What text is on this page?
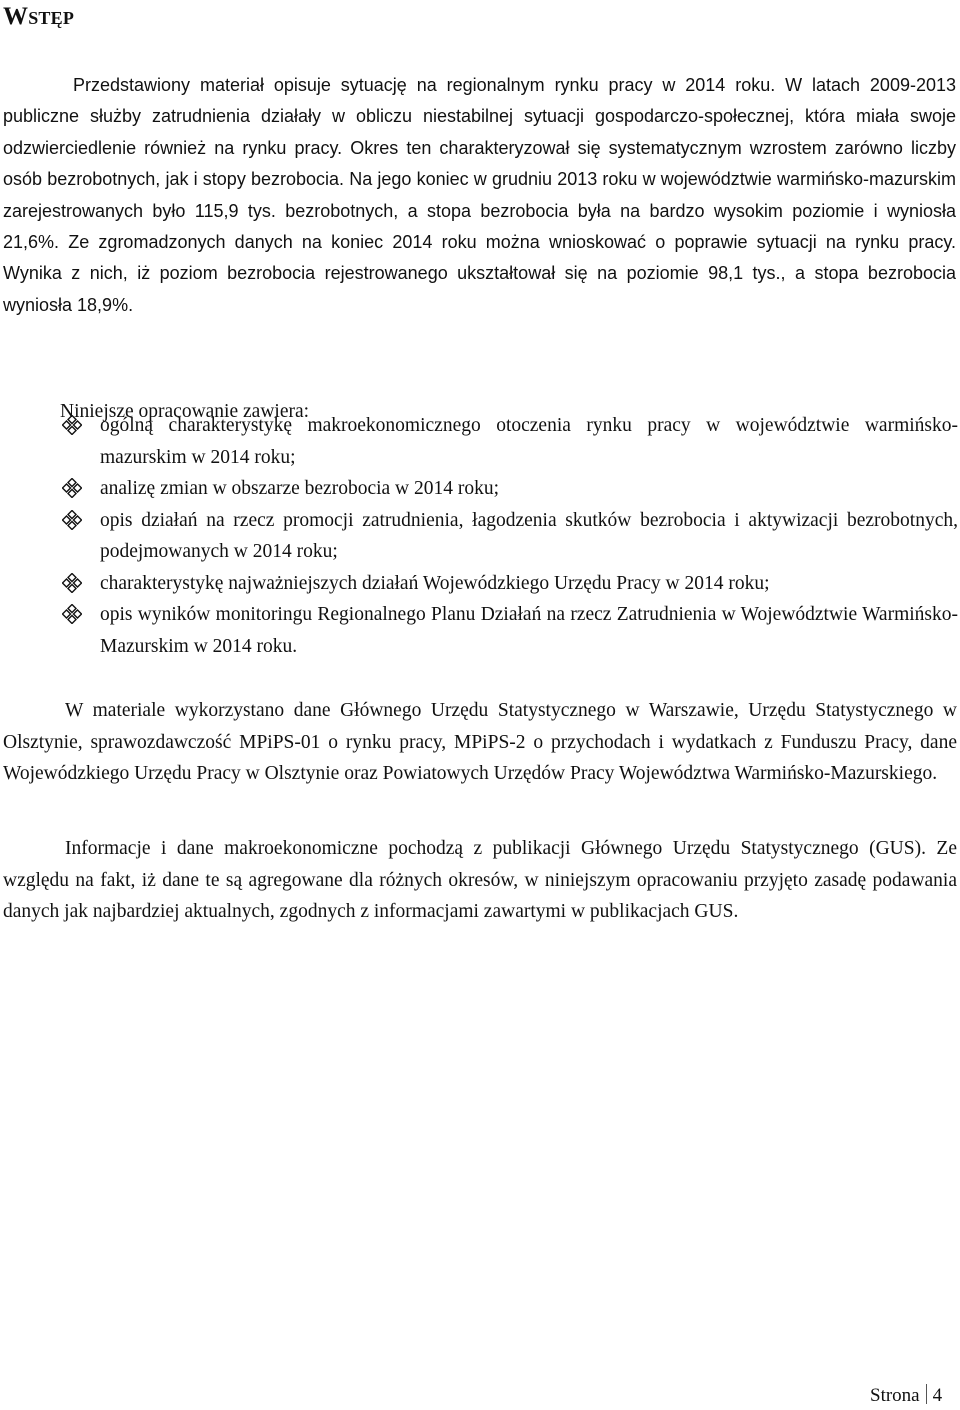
Wstęp

Przedstawiony materiał opisuje sytuację na regionalnym rynku pracy w 2014 roku. W latach 2009-2013 publiczne służby zatrudnienia działały w obliczu niestabilnej sytuacji gospodarczo-społecznej, która miała swoje odzwierciedlenie również na rynku pracy. Okres ten charakteryzował się systematycznym wzrostem zarówno liczby osób bezrobotnych, jak i stopy bezrobocia. Na jego koniec w grudniu 2013 roku w województwie warmińsko-mazurskim zarejestrowanych było 115,9 tys. bezrobotnych, a stopa bezrobocia była na bardzo wysokim poziomie i wyniosła 21,6%. Ze zgromadzonych danych na koniec 2014 roku można wnioskować o poprawie sytuacji na rynku pracy. Wynika z nich, iż poziom bezrobocia rejestrowanego ukształtował się na poziomie 98,1 tys., a stopa bezrobocia wyniosła 18,9%.

Niniejsze opracowanie zawiera:

ogólną charakterystykę makroekonomicznego otoczenia rynku pracy w województwie warmińsko-mazurskim w 2014 roku;
analizę zmian w obszarze bezrobocia w 2014 roku;
opis działań na rzecz promocji zatrudnienia, łagodzenia skutków bezrobocia i aktywizacji bezrobotnych, podejmowanych w 2014 roku;
charakterystykę najważniejszych działań Wojewódzkiego Urzędu Pracy w 2014 roku;
opis wyników monitoringu Regionalnego Planu Działań na rzecz Zatrudnienia w Województwie Warmińsko-Mazurskim w 2014 roku.

W materiale wykorzystano dane Głównego Urzędu Statystycznego w Warszawie, Urzędu Statystycznego w Olsztynie, sprawozdawczość MPiPS-01 o rynku pracy, MPiPS-2 o przychodach i wydatkach z Funduszu Pracy, dane Wojewódzkiego Urzędu Pracy w Olsztynie oraz Powiatowych Urzędów Pracy Województwa Warmińsko-Mazurskiego.

Informacje i dane makroekonomiczne pochodzą z publikacji Głównego Urzędu Statystycznego (GUS). Ze względu na fakt, iż dane te są agregowane dla różnych okresów, w niniejszym opracowaniu przyjęto zasadę podawania danych jak najbardziej aktualnych, zgodnych z informacjami zawartymi w publikacjach GUS.

Strona 4
